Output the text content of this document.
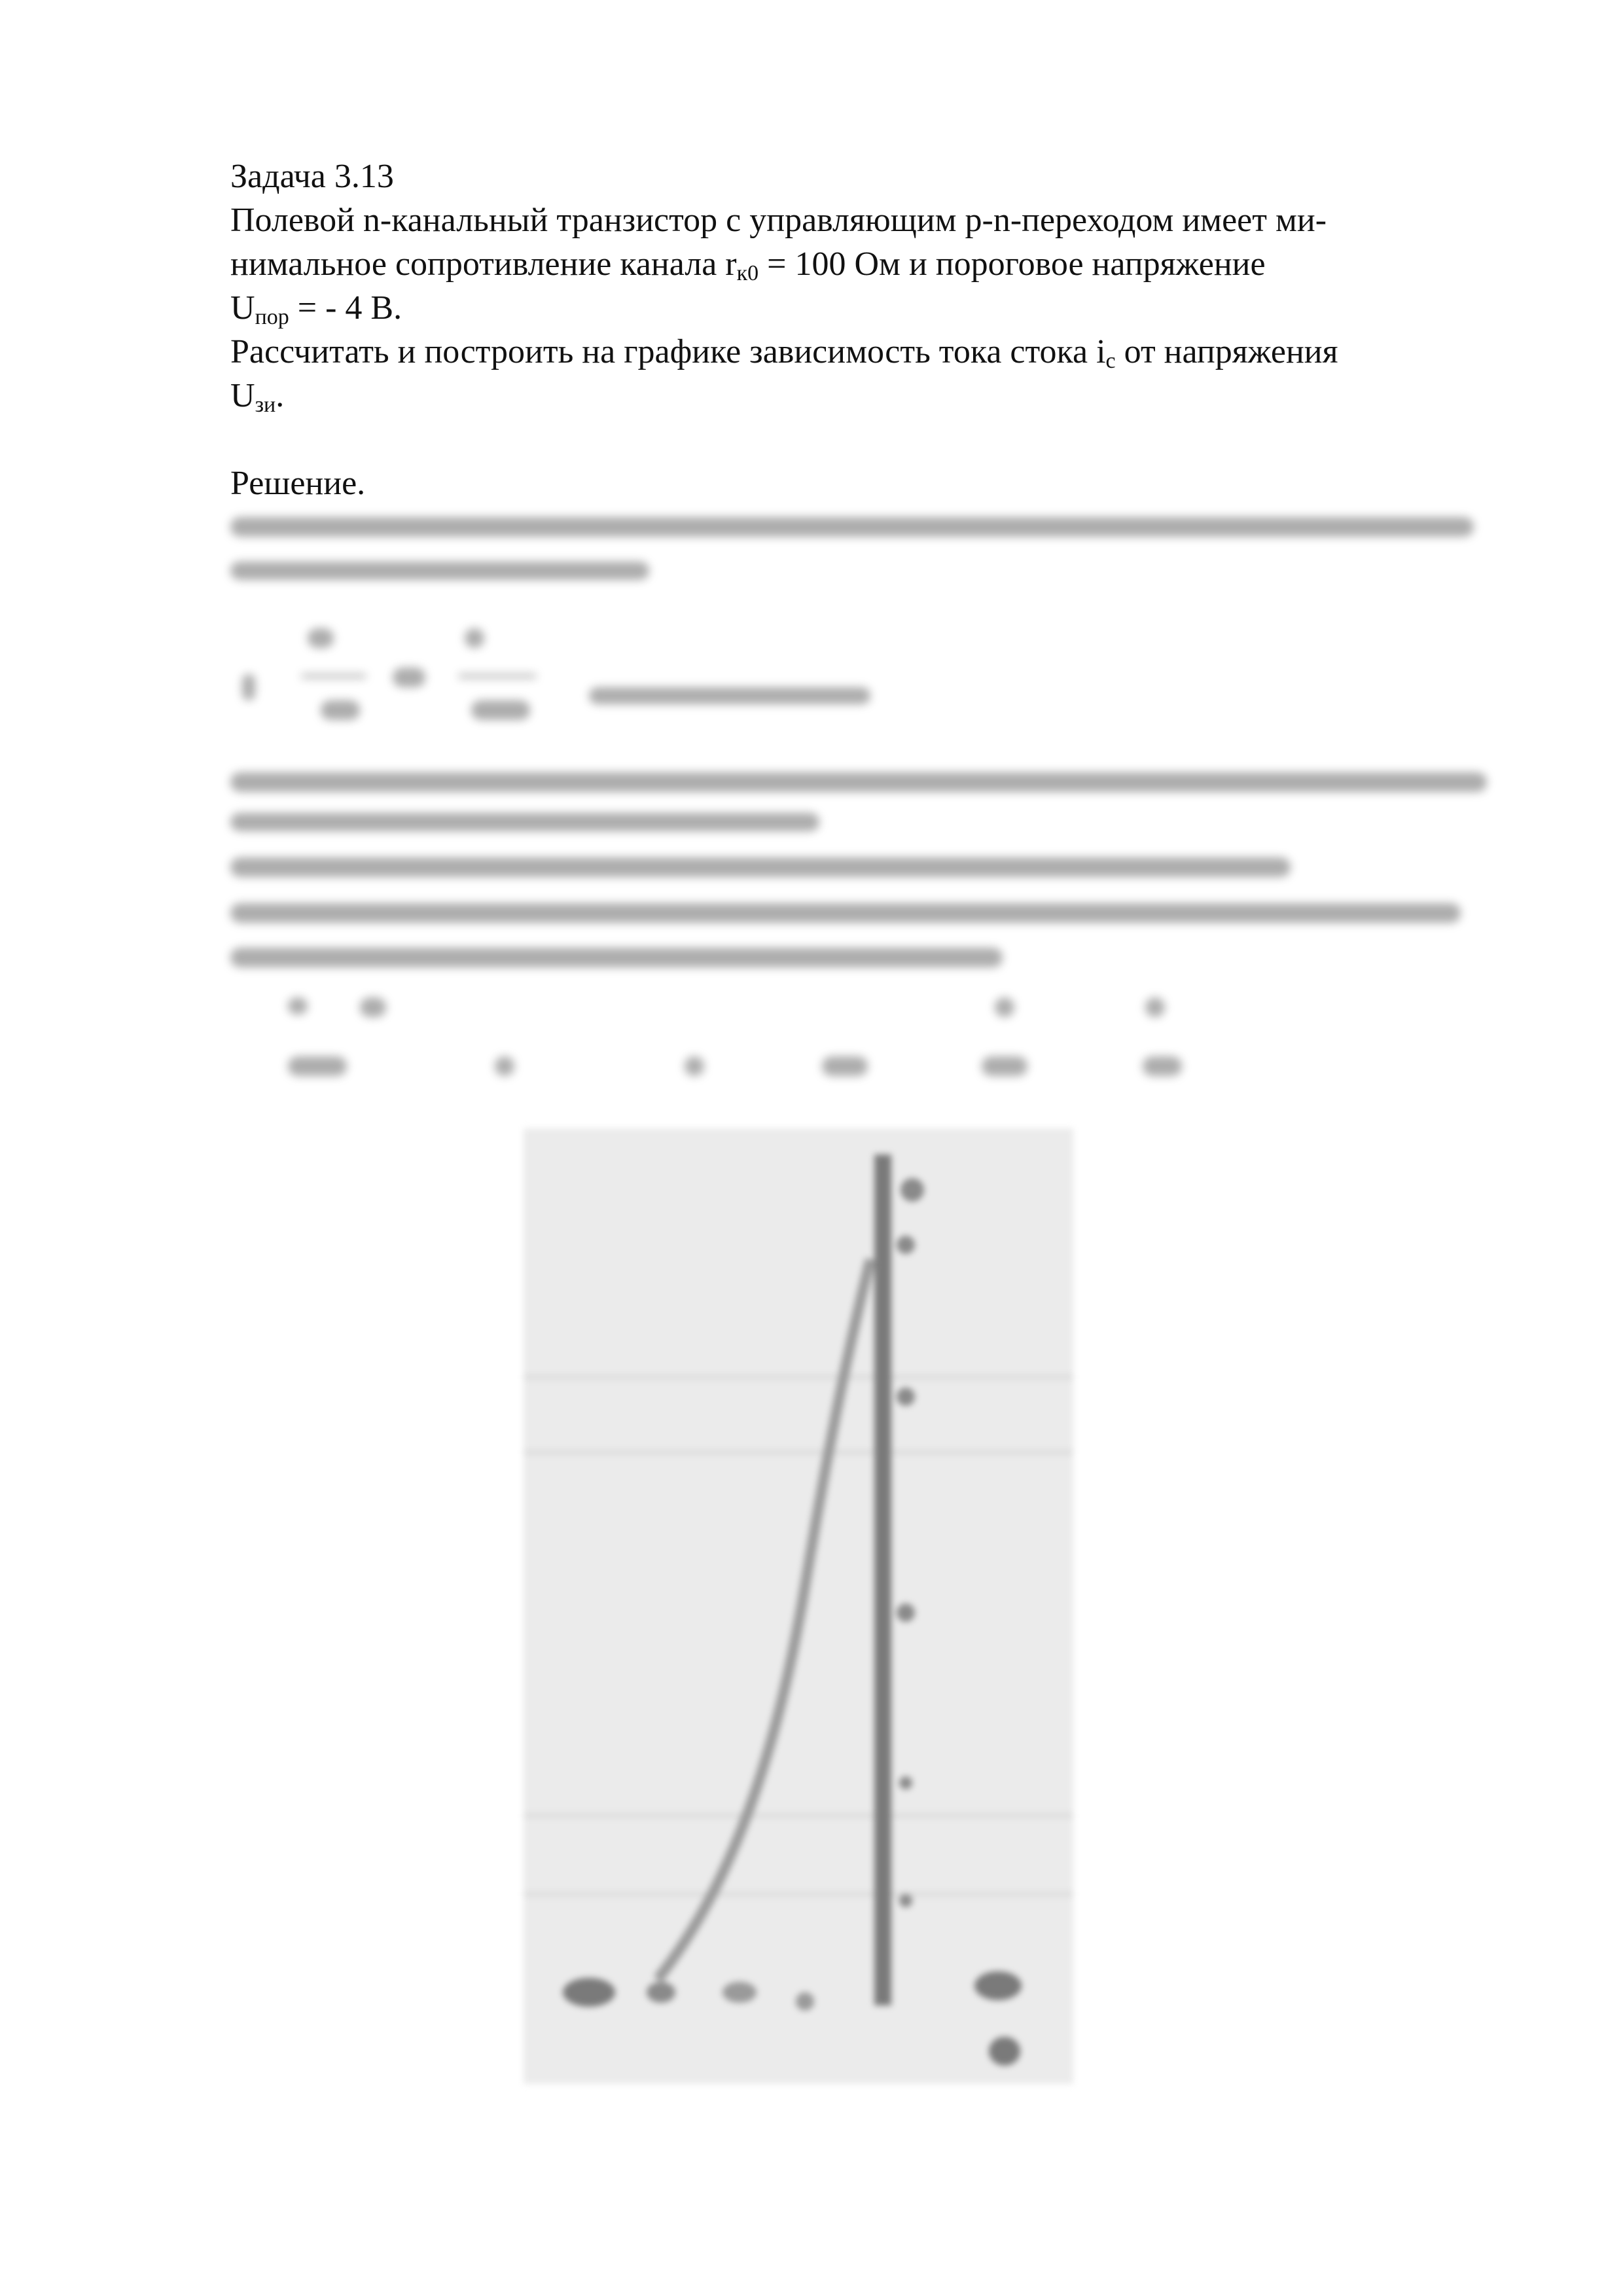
Задача 3.13

Полевой n-канальный транзистор с управляющим p-n-переходом имеет ми-

нимальное сопротивление канала $r_{к0} = 100$ Ом и пороговое напряжение

$U_{пор}$ = - 4 В.

Рассчитать и построить на графике зависимость тока стока $i_с$ от напряжения

$U_{зи}$.

Решение.
